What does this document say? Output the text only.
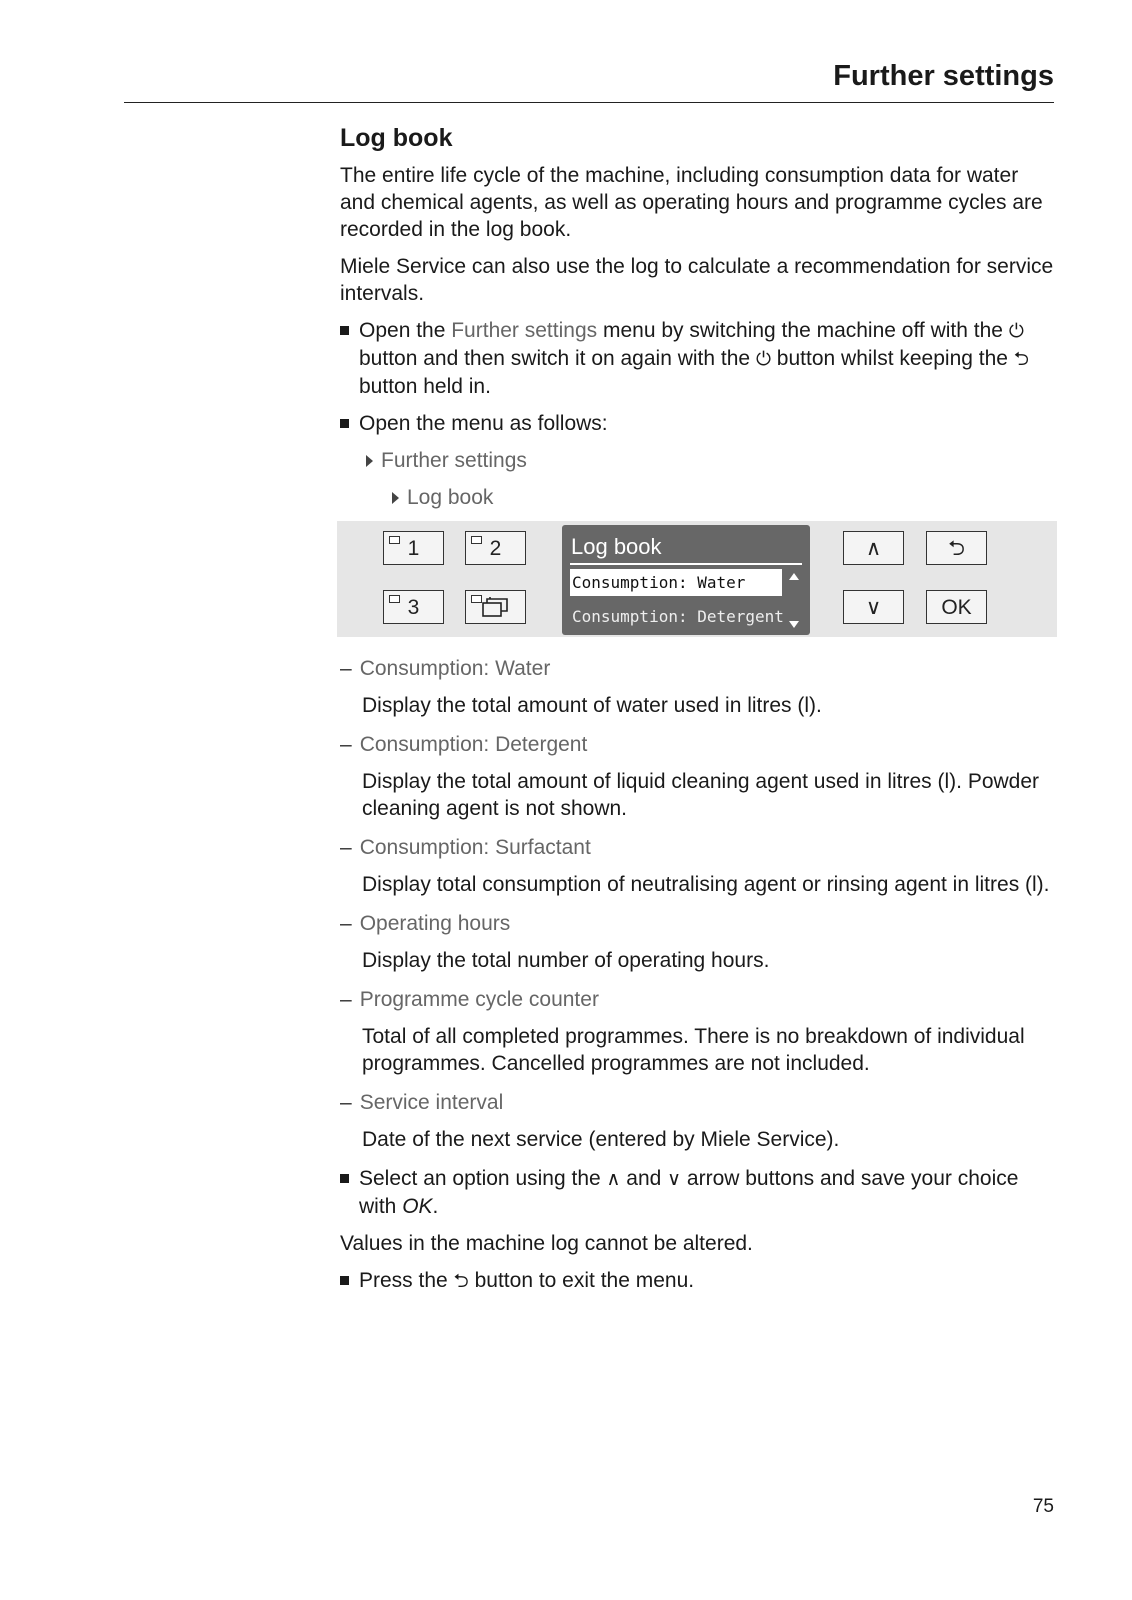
Further settings
Log book

The entire life cycle of the machine, including consumption data for water and chemical agents, as well as operating hours and programme cycles are recorded in the log book.

Miele Service can also use the log to calculate a recommendation for service intervals.

Open the Further settings menu by switching the machine off with the ⏻ button and then switch it on again with the ⏻ button whilst keeping the ⮌ button held in.
Open the menu as follows:
Further settings
Log book
1	2
3
Log book
Consumption: Water
Consumption: Detergent
∧	⮌
∨	OK

– Consumption: Water

Display the total amount of water used in litres (l).

– Consumption: Detergent

Display the total amount of liquid cleaning agent used in litres (l). Powder cleaning agent is not shown.

– Consumption: Surfactant

Display total consumption of neutralising agent or rinsing agent in litres (l).

– Operating hours

Display the total number of operating hours.

– Programme cycle counter

Total of all completed programmes. There is no breakdown of individual programmes. Cancelled programmes are not included.

– Service interval

Date of the next service (entered by Miele Service).

Select an option using the ∧ and ∨ arrow buttons and save your choice with OK.

Values in the machine log cannot be altered.

Press the ⮌ button to exit the menu.
75
